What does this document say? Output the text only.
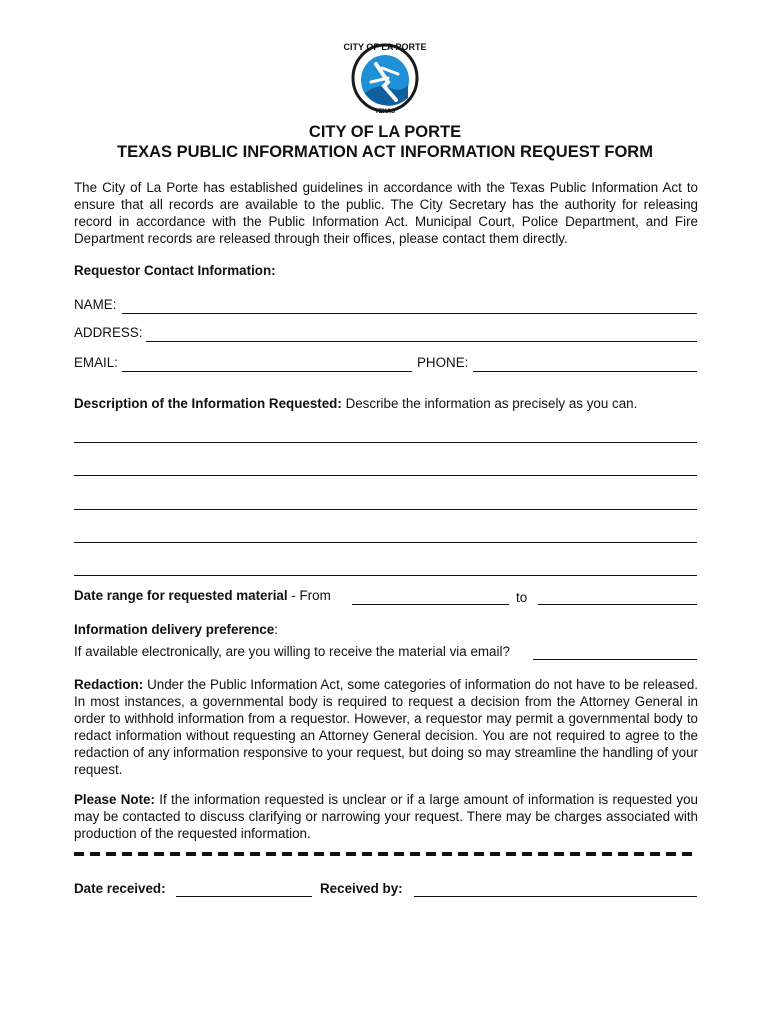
CITY OF LA PORTE
TEXAS
CITY OF LA PORTE
TEXAS PUBLIC INFORMATION ACT INFORMATION REQUEST FORM
The City of La Porte has established guidelines in accordance with the Texas Public Information Act to ensure that all records are available to the public. The City Secretary has the authority for releasing record in accordance with the Public Information Act. Municipal Court, Police Department, and Fire Department records are released through their offices, please contact them directly.
Requestor Contact Information:
NAME:
ADDRESS:
EMAIL:	PHONE:
Description of the Information Requested: Describe the information as precisely as you can.
Date range for requested material - From	to
Information delivery preference:
If available electronically, are you willing to receive the material via email?
Redaction: Under the Public Information Act, some categories of information do not have to be released. In most instances, a governmental body is required to request a decision from the Attorney General in order to withhold information from a requestor. However, a requestor may permit a governmental body to redact information without requesting an Attorney General decision. You are not required to agree to the redaction of any information responsive to your request, but doing so may streamline the handling of your request.
Please Note: If the information requested is unclear or if a large amount of information is requested you may be contacted to discuss clarifying or narrowing your request. There may be charges associated with production of the requested information.
Date received:	Received by:
